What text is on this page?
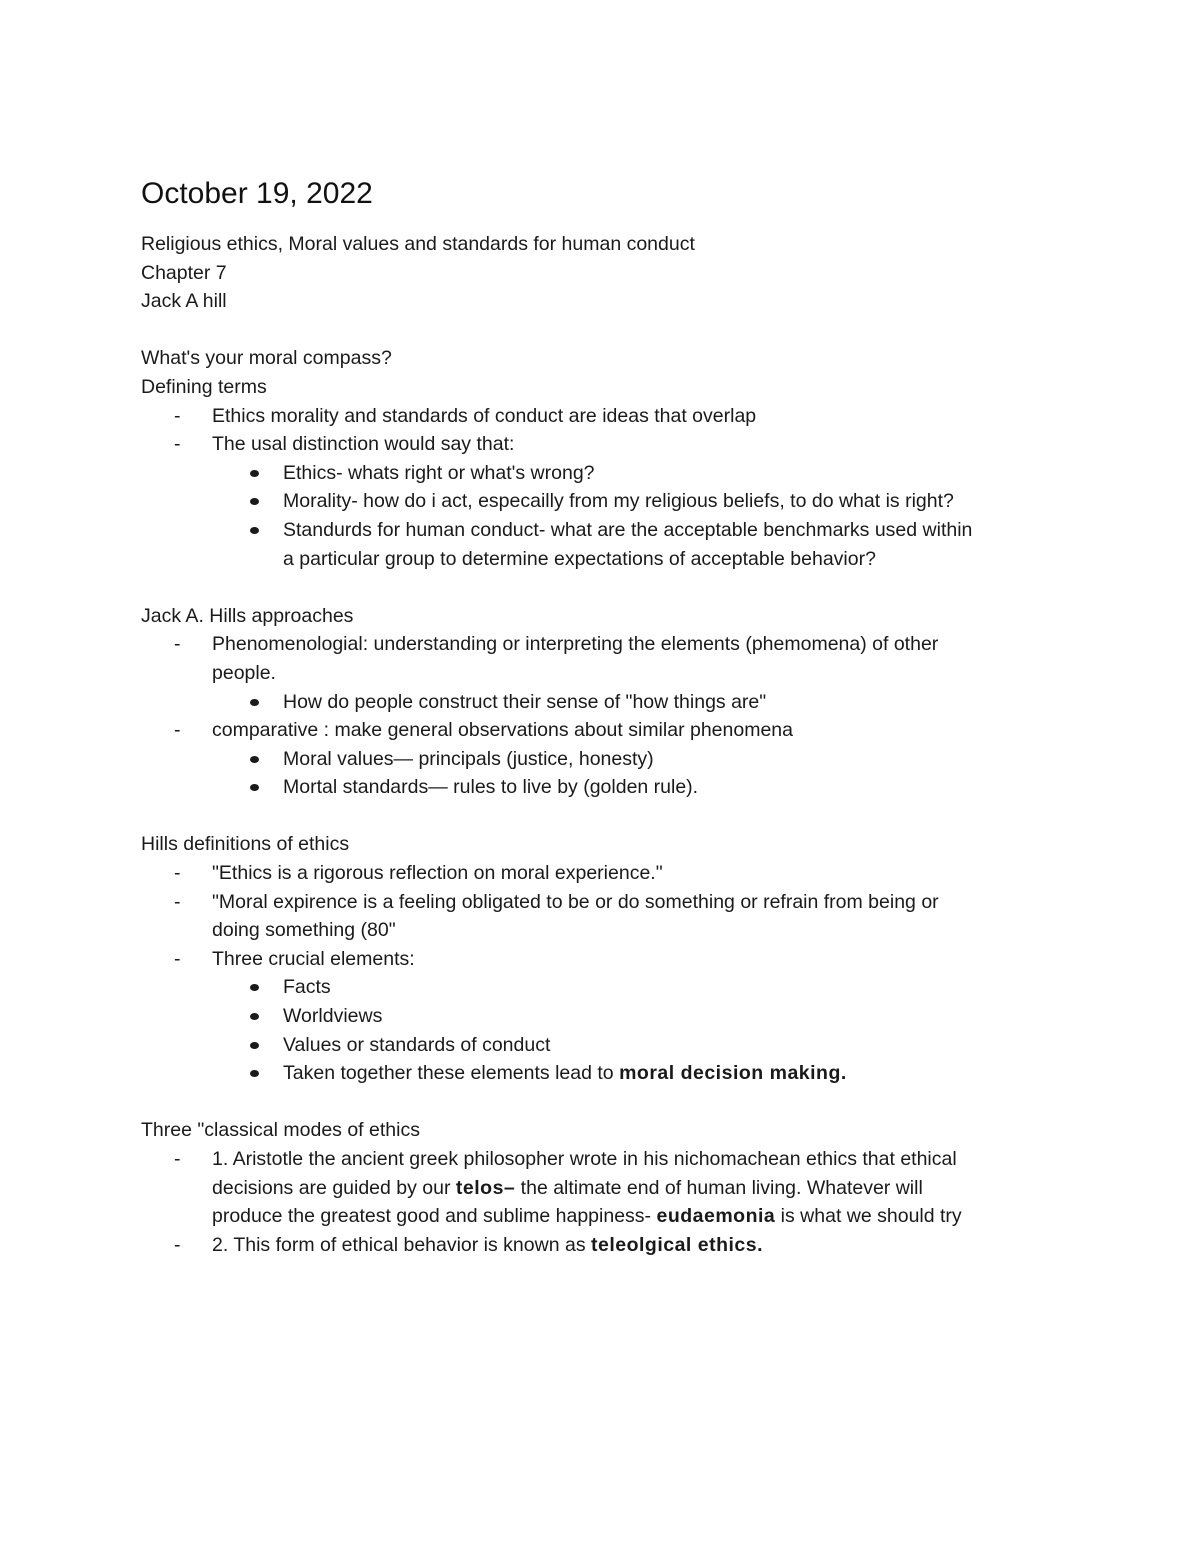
October 19, 2022
Religious ethics, Moral values and standards for human conduct
Chapter 7
Jack A hill
What's your moral compass?
Defining terms
- Ethics morality and standards of conduct are ideas that overlap
- The usal distinction would say that:
Ethics- whats right or what's wrong?
Morality- how do i act, especailly from my religious beliefs, to do what is right?
Standurds for human conduct- what are the acceptable benchmarks used within
a particular group to determine expectations of acceptable behavior?
Jack A. Hills approaches
- Phenomenologial: understanding or interpreting the elements (phemomena) of other
people.
How do people construct their sense of "how things are"
- comparative : make general observations about similar phenomena
Moral values— principals (justice, honesty)
Mortal standards— rules to live by (golden rule).
Hills definitions of ethics
- "Ethics is a rigorous reflection on moral experience."
- "Moral expirence is a feeling obligated to be or do something or refrain from being or
doing something (80"
- Three crucial elements:
Facts
Worldviews
Values or standards of conduct
Taken together these elements lead to moral decision making.
Three "classical modes of ethics
- 1. Aristotle the ancient greek philosopher wrote in his nichomachean ethics that ethical
decisions are guided by our telos– the altimate end of human living. Whatever will
produce the greatest good and sublime happiness- eudaemonia is what we should try
- 2. This form of ethical behavior is known as teleolgical ethics.
